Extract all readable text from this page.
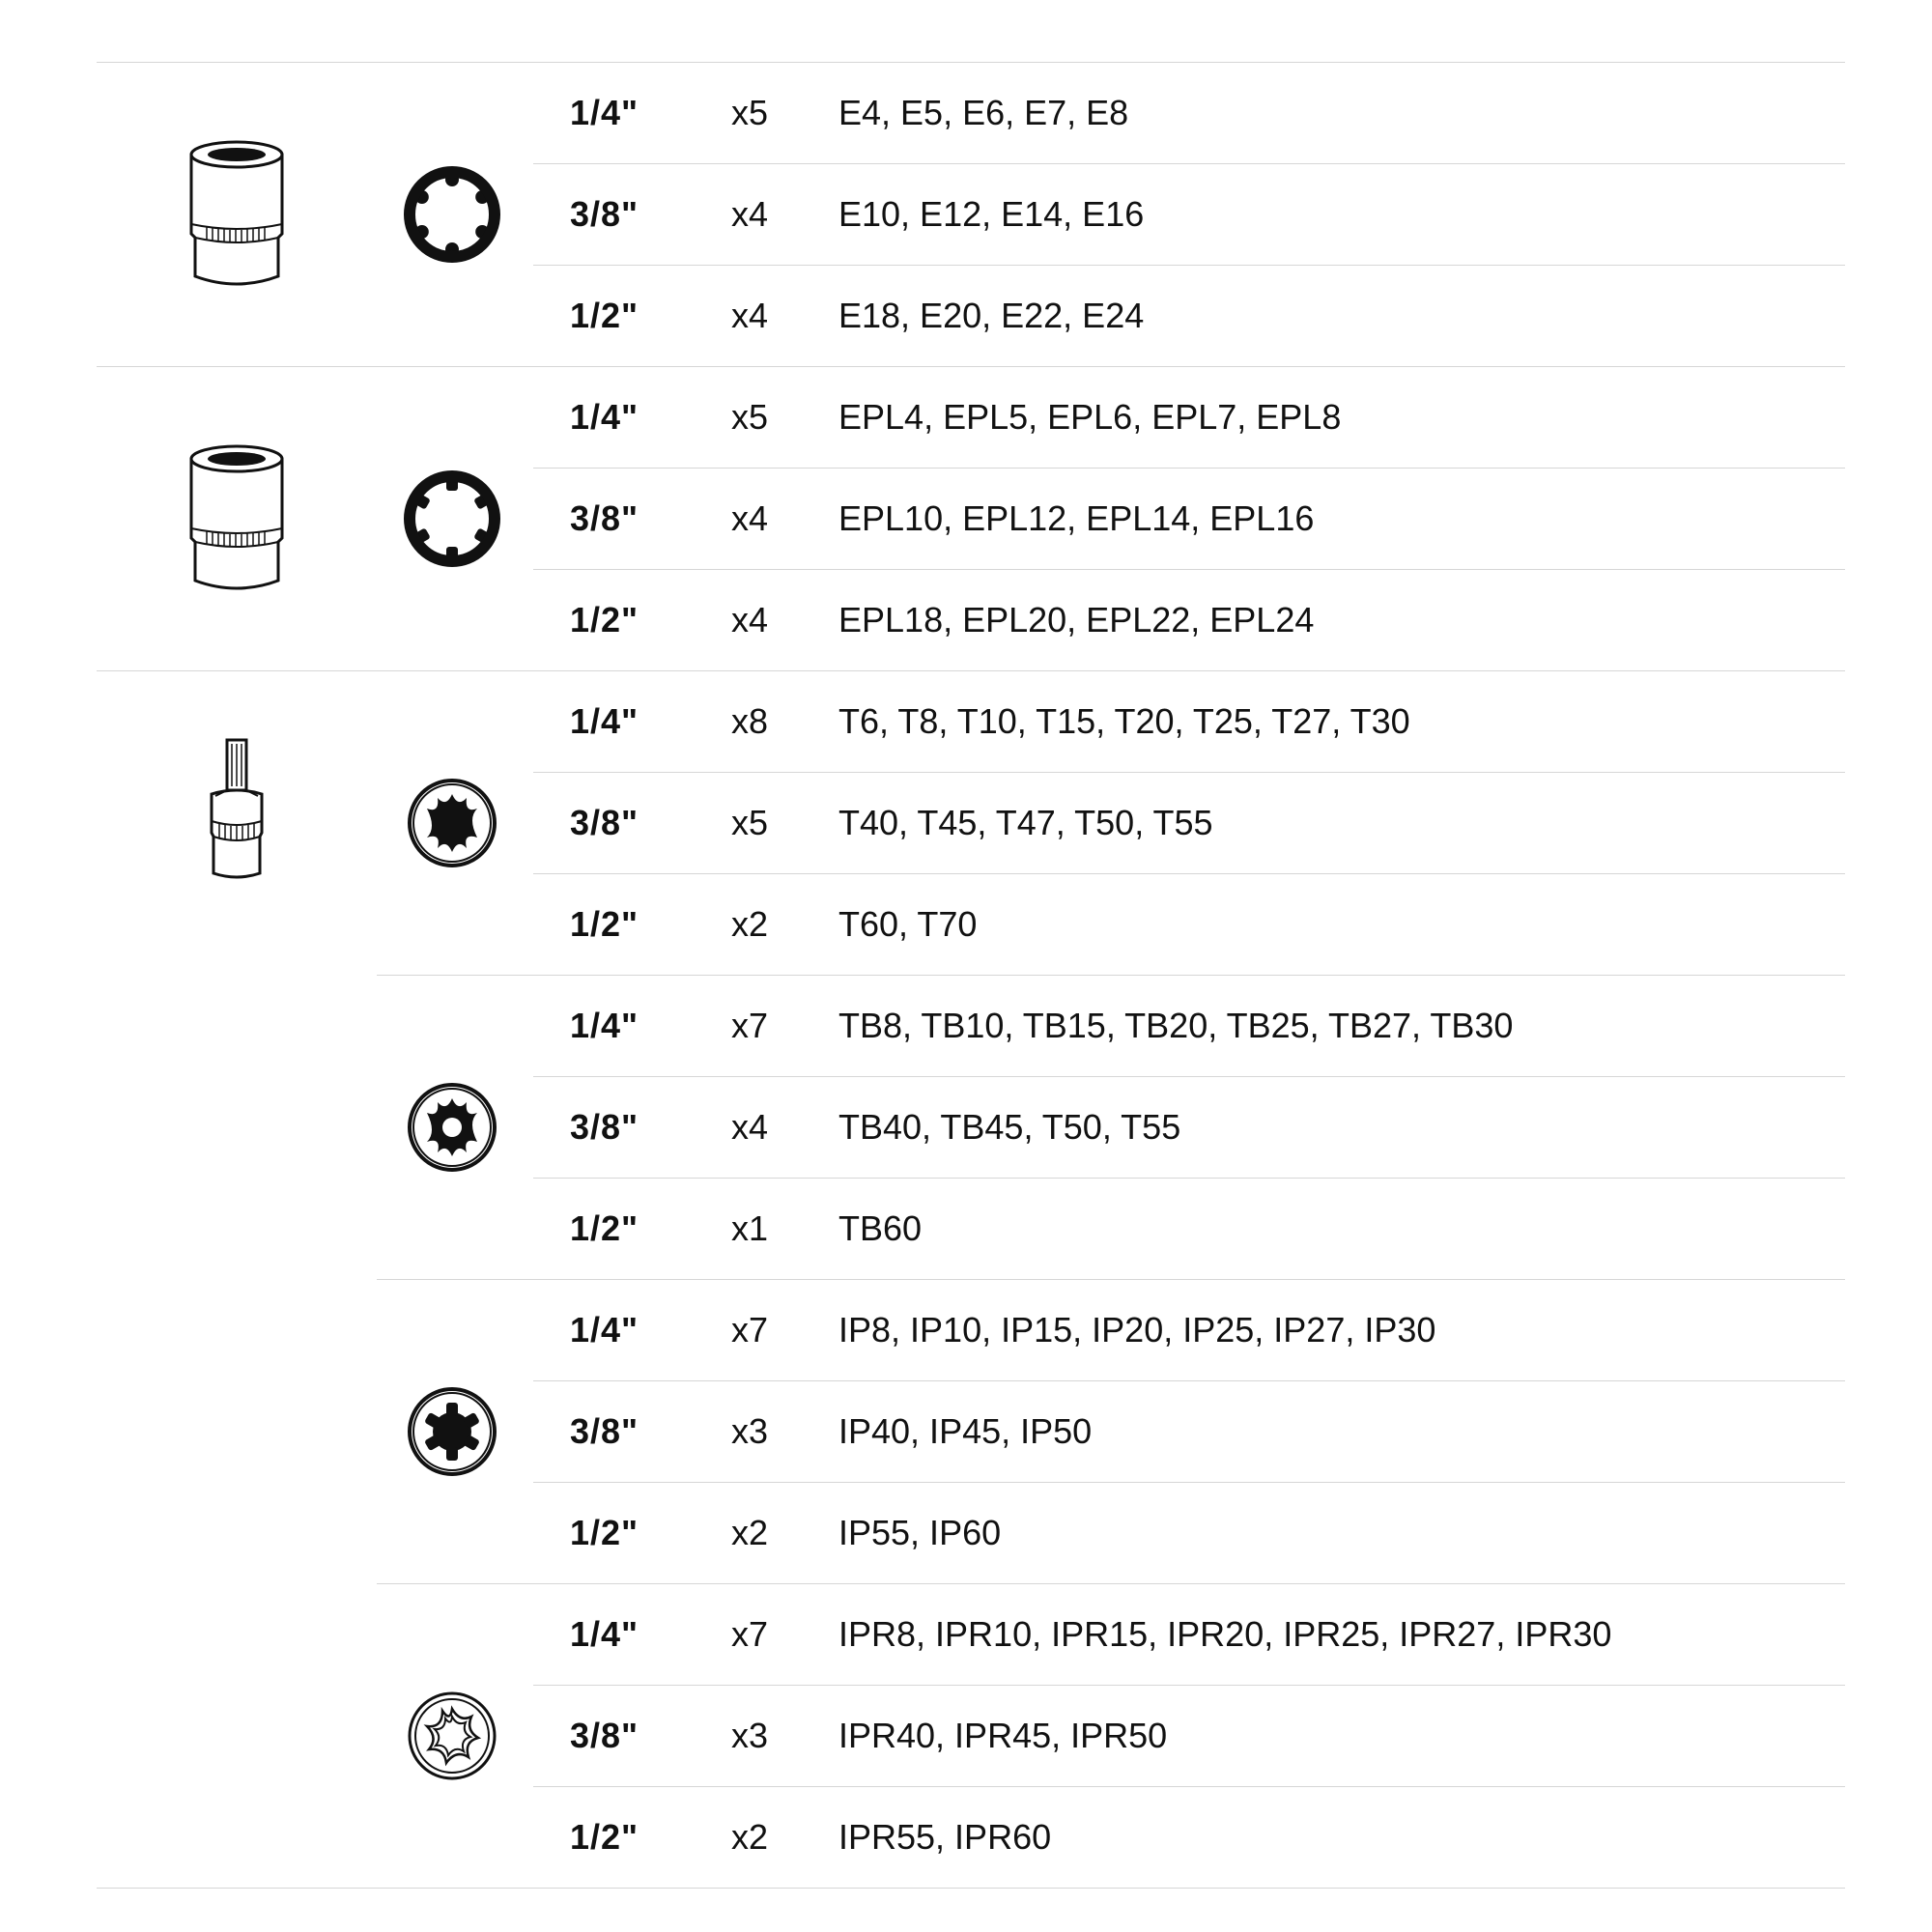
1/4"	x5 E4, E5, E6, E7, E8
3/8"	x4 E10, E12, E14, E16
1/2"	x4 E18, E20, E22, E24
1/4"	x5 EPL4, EPL5, EPL6, EPL7, EPL8
3/8"	x4 EPL10, EPL12, EPL14, EPL16
1/2"	x4 EPL18, EPL20, EPL22, EPL24
1/4"	x8 T6, T8, T10, T15, T20, T25, T27, T30
3/8"	x5 T40, T45, T47, T50, T55
1/2"	x2 T60, T70
1/4"	x7 TB8, TB10, TB15, TB20, TB25, TB27, TB30
3/8"	x4 TB40, TB45, T50, T55
1/2"	x1 TB60
1/4"	x7 IP8, IP10, IP15, IP20, IP25, IP27, IP30
3/8"	x3 IP40, IP45, IP50
1/2"	x2 IP55, IP60
1/4"	x7 IPR8, IPR10, IPR15, IPR20, IPR25, IPR27, IPR30
3/8"	x3 IPR40, IPR45, IPR50
1/2"	x2 IPR55, IPR60
